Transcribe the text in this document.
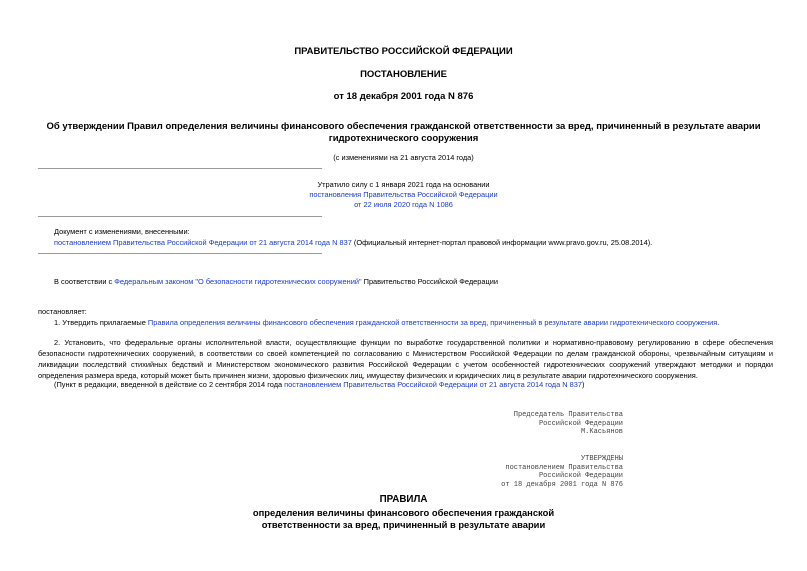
ПРАВИТЕЛЬСТВО РОССИЙСКОЙ ФЕДЕРАЦИИ
ПОСТАНОВЛЕНИЕ
от 18 декабря 2001 года N 876
Об утверждении Правил определения величины финансового обеспечения гражданской ответственности за вред, причиненный в результате аварии
гидротехнического сооружения
(с изменениями на 21 августа 2014 года)
Утратило силу с 1 января 2021 года на основании
постановления Правительства Российской Федерации
от 22 июля 2020 года N 1086
Документ с изменениями, внесенными:
постановлением Правительства Российской Федерации от 21 августа 2014 года N 837 (Официальный интернет-портал правовой информации www.pravo.gov.ru, 25.08.2014).
В соответствии с Федеральным законом "О безопасности гидротехнических сооружений" Правительство Российской Федерации
постановляет:
1. Утвердить прилагаемые Правила определения величины финансового обеспечения гражданской ответственности за вред, причиненный в результате аварии гидротехнического сооружения.
2. Установить, что федеральные органы исполнительной власти, осуществляющие функции по выработке государственной политики и нормативно-правовому регулированию в сфере обеспечения безопасности гидротехнических сооружений, в соответствии со своей компетенцией по согласованию с Министерством Российской Федерации по делам гражданской обороны, чрезвычайным ситуациям и ликвидации последствий стихийных бедствий и Министерством экономического развития Российской Федерации с учетом особенностей гидротехнических сооружений утверждают методики и порядки определения размера вреда, который может быть причинен жизни, здоровью физических лиц, имуществу физических и юридических лиц в результате аварии гидротехнического сооружения.
(Пункт в редакции, введенной в действие со 2 сентября 2014 года постановлением Правительства Российской Федерации от 21 августа 2014 года N 837)
Председатель Правительства
Российской Федерации
М.Касьянов
УТВЕРЖДЕНЫ
постановлением Правительства
Российской Федерации
от 18 декабря 2001 года N 876
ПРАВИЛА
определения величины финансового обеспечения гражданской
ответственности за вред, причиненный в результате аварии
